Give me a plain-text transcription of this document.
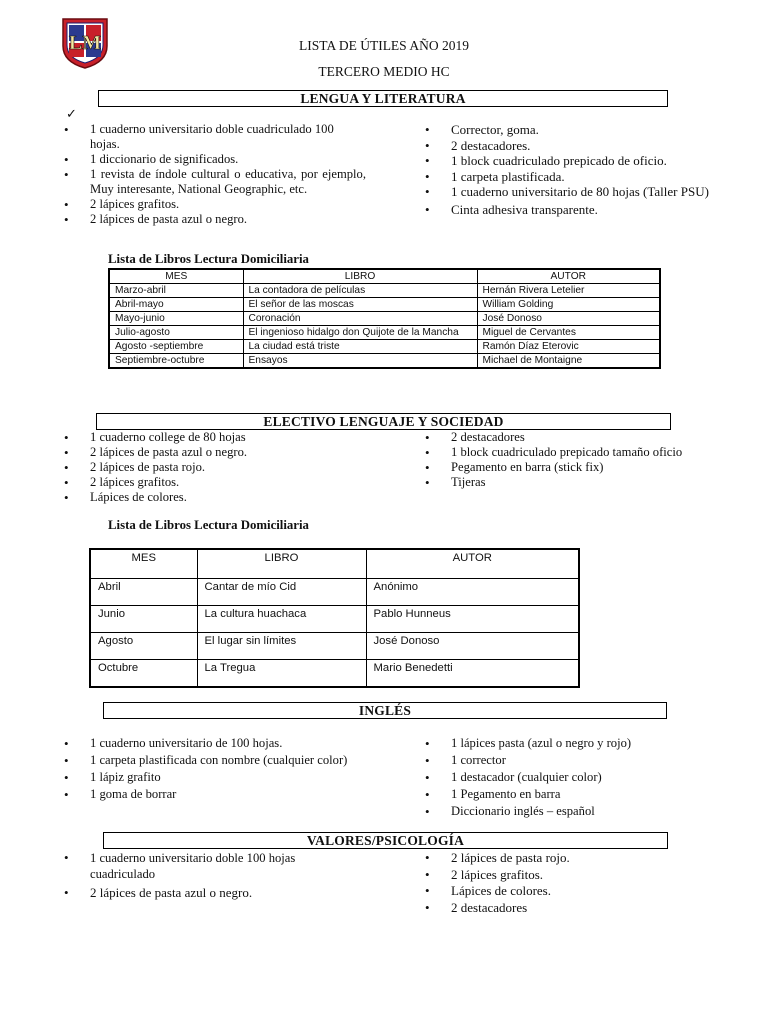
LM	LISTA DE ÚTILES AÑO 2019
TERCERO MEDIO HC
LENGUA Y LITERATURA
✓
• 1 cuaderno universitario doble cuadriculado 100 hojas.
• 1 diccionario de significados.
• 1 revista de índole cultural o educativa, por ejemplo, Muy interesante, National Geographic, etc.
• 2 lápices grafitos.
• 2 lápices de pasta azul o negro.
• Corrector, goma.
• 2 destacadores.
• 1 block cuadriculado prepicado de oficio.
• 1 carpeta plastificada.
• 1 cuaderno universitario de 80 hojas (Taller PSU)
• Cinta adhesiva transparente.
Lista de Libros Lectura Domiciliaria
MES	LIBRO	AUTOR
Marzo-abril	La contadora de películas	Hernán Rivera Letelier
Abril-mayo	El señor de las moscas	William Golding
Mayo-junio	Coronación	José Donoso
Julio-agosto	El ingenioso hidalgo don Quijote de la Mancha	Miguel de Cervantes
Agosto -septiembre	La ciudad está triste	Ramón Díaz Eterovic
Septiembre-octubre	Ensayos	Michael de Montaigne
ELECTIVO LENGUAJE Y SOCIEDAD
• 1 cuaderno college de 80 hojas
• 2 lápices de pasta azul o negro.
• 2 lápices de pasta rojo.
• 2 lápices grafitos.
• Lápices de colores.
• 2 destacadores
• 1 block cuadriculado prepicado tamaño oficio
• Pegamento en barra (stick fix)
• Tijeras
Lista de Libros Lectura Domiciliaria
MES	LIBRO	AUTOR
Abril	Cantar de mío Cid	Anónimo
Junio	La cultura huachaca	Pablo Hunneus
Agosto	El lugar sin límites	José Donoso
Octubre	La Tregua	Mario Benedetti
INGLÉS
• 1 cuaderno universitario de 100 hojas.
• 1 carpeta plastificada con nombre (cualquier color)
• 1 lápiz grafito
• 1 goma de borrar
• 1 lápices pasta (azul o negro y rojo)
• 1 corrector
• 1 destacador (cualquier color)
• 1 Pegamento en barra
• Diccionario inglés – español
VALORES/PSICOLOGÍA
• 1 cuaderno universitario doble 100 hojas cuadriculado
• 2 lápices de pasta azul o negro.
• 2 lápices de pasta rojo.
• 2 lápices grafitos.
• Lápices de colores.
• 2 destacadores
